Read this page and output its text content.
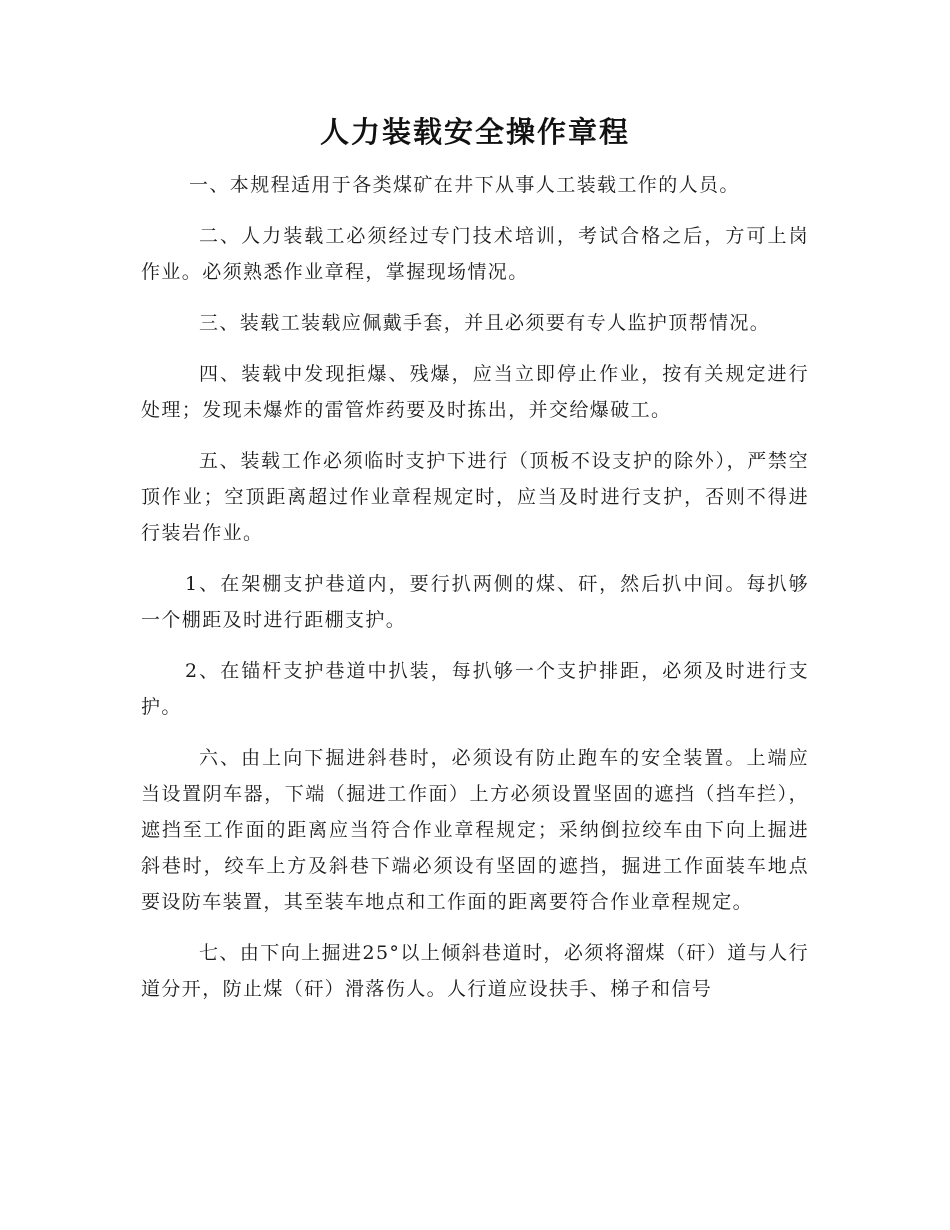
人力装载安全操作章程

一、本规程适用于各类煤矿在井下从事人工装载工作的人员。

二、人力装载工必须经过专门技术培训，考试合格之后，方可上岗作业。必须熟悉作业章程，掌握现场情况。

三、装载工装载应佩戴手套，并且必须要有专人监护顶帮情况。

四、装载中发现拒爆、残爆，应当立即停止作业，按有关规定进行处理；发现未爆炸的雷管炸药要及时拣出，并交给爆破工。

五、装载工作必须临时支护下进行（顶板不设支护的除外），严禁空顶作业；空顶距离超过作业章程规定时，应当及时进行支护，否则不得进行装岩作业。

1、在架棚支护巷道内，要行扒两侧的煤、矸，然后扒中间。每扒够一个棚距及时进行距棚支护。

2、在锚杆支护巷道中扒装，每扒够一个支护排距，必须及时进行支护。

六、由上向下掘进斜巷时，必须设有防止跑车的安全装置。上端应当设置阴车器，下端（掘进工作面）上方必须设置坚固的遮挡（挡车拦），遮挡至工作面的距离应当符合作业章程规定；采纳倒拉绞车由下向上掘进斜巷时，绞车上方及斜巷下端必须设有坚固的遮挡，掘进工作面装车地点要设防车装置，其至装车地点和工作面的距离要符合作业章程规定。

七、由下向上掘进25°以上倾斜巷道时，必须将溜煤（矸）道与人行道分开，防止煤（矸）滑落伤人。人行道应设扶手、梯子和信号
